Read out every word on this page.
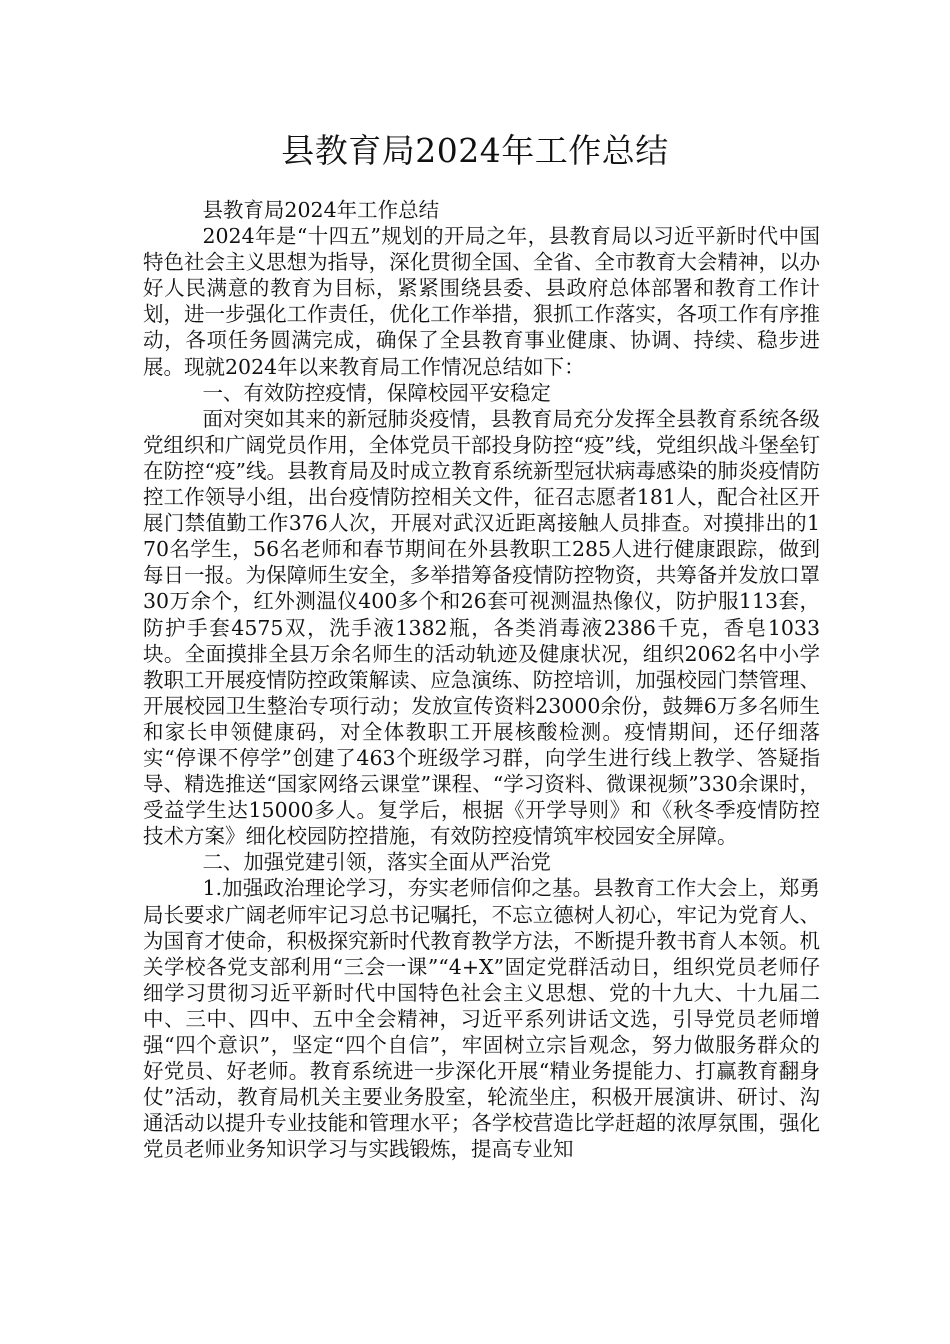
县教育局2024年工作总结

县教育局2024年工作总结

2024年是“十四五”规划的开局之年，县教育局以习近平新时代中国特色社会主义思想为指导，深化贯彻全国、全省、全市教育大会精神，以办好人民满意的教育为目标，紧紧围绕县委、县政府总体部署和教育工作计划，进一步强化工作责任，优化工作举措，狠抓工作落实，各项工作有序推动，各项任务圆满完成，确保了全县教育事业健康、协调、持续、稳步进展。现就2024年以来教育局工作情况总结如下：

一、有效防控疫情，保障校园平安稳定

面对突如其来的新冠肺炎疫情，县教育局充分发挥全县教育系统各级党组织和广阔党员作用，全体党员干部投身防控“疫”线，党组织战斗堡垒钉在防控“疫”线。县教育局及时成立教育系统新型冠状病毒感染的肺炎疫情防控工作领导小组，出台疫情防控相关文件，征召志愿者181人，配合社区开展门禁值勤工作376人次，开展对武汉近距离接触人员排查。对摸排出的170名学生，56名老师和春节期间在外县教职工285人进行健康跟踪，做到每日一报。为保障师生安全，多举措筹备疫情防控物资，共筹备并发放口罩30万余个，红外测温仪400多个和26套可视测温热像仪，防护服113套，防护手套4575双，洗手液1382瓶，各类消毒液2386千克，香皂1033块。全面摸排全县万余名师生的活动轨迹及健康状况，组织2062名中小学教职工开展疫情防控政策解读、应急演练、防控培训，加强校园门禁管理、开展校园卫生整治专项行动；发放宣传资料23000余份，鼓舞6万多名师生和家长申领健康码，对全体教职工开展核酸检测。疫情期间，还仔细落实“停课不停学”创建了463个班级学习群，向学生进行线上教学、答疑指导、精选推送“国家网络云课堂”课程、“学习资料、微课视频”330余课时，受益学生达15000多人。复学后，根据《开学导则》和《秋冬季疫情防控技术方案》细化校园防控措施，有效防控疫情筑牢校园安全屏障。

二、加强党建引领，落实全面从严治党

1.加强政治理论学习，夯实老师信仰之基。县教育工作大会上，郑勇局长要求广阔老师牢记习总书记嘱托，不忘立德树人初心，牢记为党育人、为国育才使命，积极探究新时代教育教学方法，不断提升教书育人本领。机关学校各党支部利用“三会一课”“4+X”固定党群活动日，组织党员老师仔细学习贯彻习近平新时代中国特色社会主义思想、党的十九大、十九届二中、三中、四中、五中全会精神，习近平系列讲话文选，引导党员老师增强“四个意识”，坚定“四个自信”，牢固树立宗旨观念，努力做服务群众的好党员、好老师。教育系统进一步深化开展“精业务提能力、打赢教育翻身仗”活动，教育局机关主要业务股室，轮流坐庄，积极开展演讲、研讨、沟通活动以提升专业技能和管理水平；各学校营造比学赶超的浓厚氛围，强化党员老师业务知识学习与实践锻炼，提高专业知
